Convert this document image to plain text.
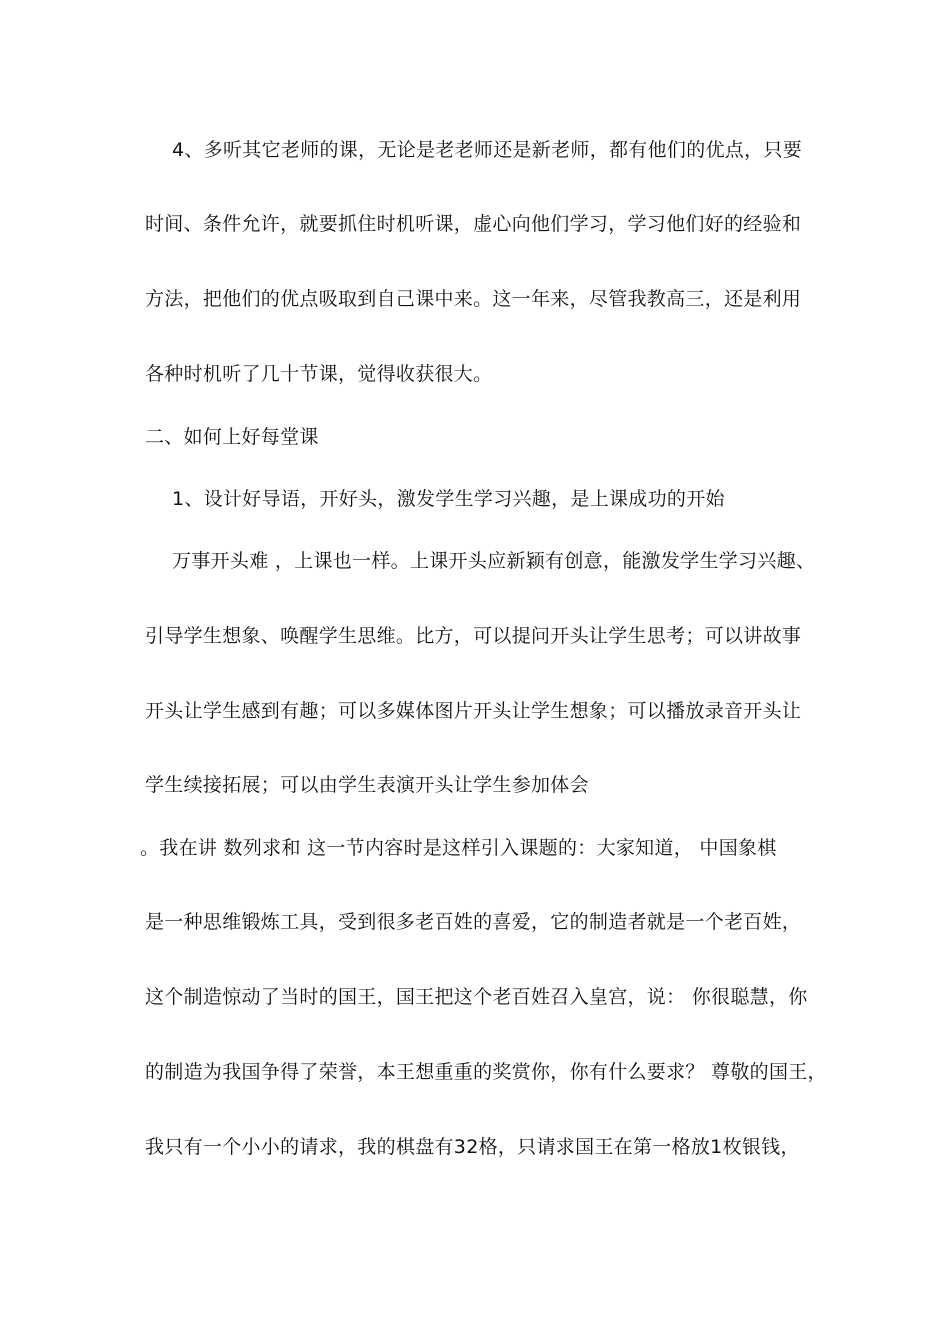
4、多听其它老师的课，无论是老老师还是新老师，都有他们的优点，只要
时间、条件允许，就要抓住时机听课，虚心向他们学习，学习他们好的经验和
方法，把他们的优点吸取到自己课中来。这一年来，尽管我教高三，还是利用
各种时机听了几十节课，觉得收获很大。
二、如何上好每堂课
1、设计好导语，开好头，激发学生学习兴趣，是上课成功的开始
万事开头难 ，上课也一样。上课开头应新颖有创意，能激发学生学习兴趣、
引导学生想象、唤醒学生思维。比方，可以提问开头让学生思考；可以讲故事
开头让学生感到有趣；可以多媒体图片开头让学生想象；可以播放录音开头让
学生续接拓展；可以由学生表演开头让学生参加体会
。我在讲 数列求和 这一节内容时是这样引入课题的：大家知道， 中国象棋
是一种思维锻炼工具，受到很多老百姓的喜爱，它的制造者就是一个老百姓，
这个制造惊动了当时的国王，国王把这个老百姓召入皇宫，说： 你很聪慧，你
的制造为我国争得了荣誉，本王想重重的奖赏你，你有什么要求？ 尊敬的国王，
我只有一个小小的请求，我的棋盘有32格，只请求国王在第一格放1枚银钱，
